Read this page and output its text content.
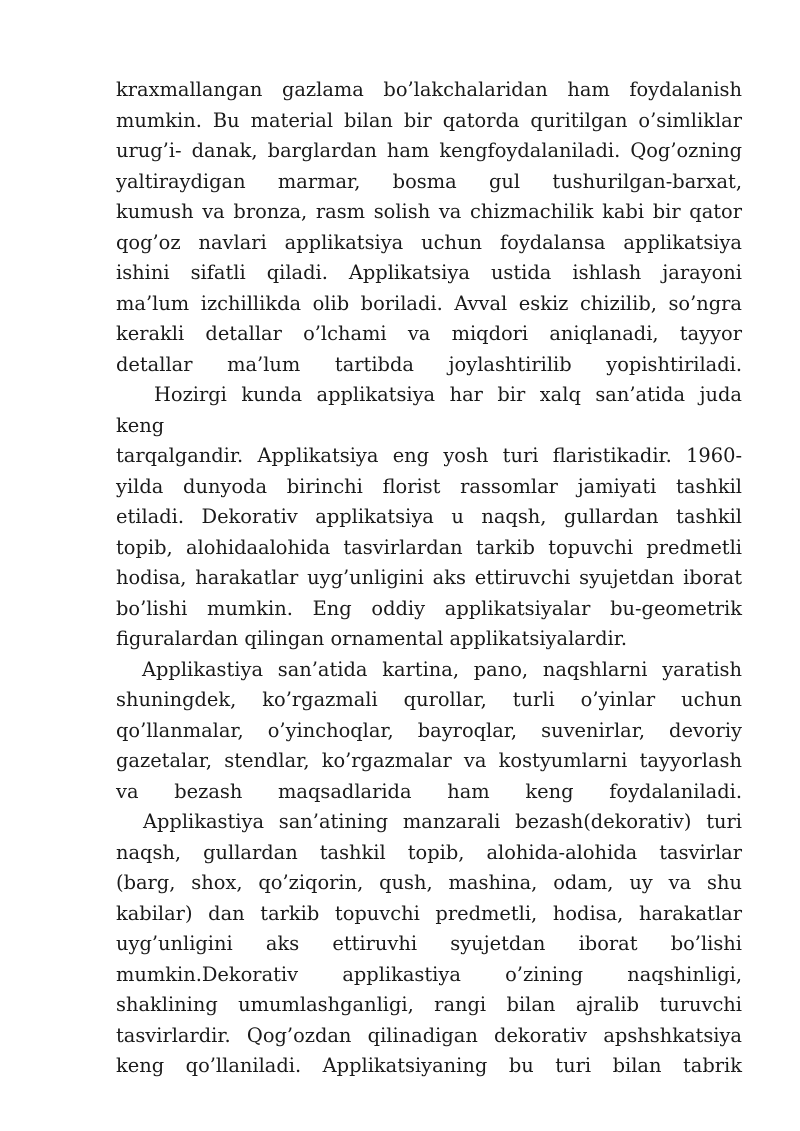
kraxmallangan gazlama bo’lakchalaridan ham foydalanish
mumkin. Bu material bilan bir qatorda quritilgan o’simliklar
urug’i- danak, barglardan ham kengfoydalaniladi. Qog’ozning
yaltiraydigan marmar, bosma gul tushurilgan-barxat,
kumush va bronza, rasm solish va chizmachilik kabi bir qator
qog’oz navlari applikatsiya uchun foydalansa applikatsiya
ishini sifatli qiladi. Applikatsiya ustida ishlash jarayoni
ma’lum izchillikda olib boriladi. Avval eskiz chizilib, so’ngra
kerakli detallar o’lchami va miqdori aniqlanadi, tayyor
detallar ma’lum tartibda joylashtirilib yopishtiriladi.
Hozirgi kunda applikatsiya har bir xalq san’atida juda
keng
tarqalgandir. Applikatsiya eng yosh turi flaristikadir. 1960-
yilda dunyoda birinchi florist rassomlar jamiyati tashkil
etiladi. Dekorativ applikatsiya u naqsh, gullardan tashkil
topib, alohidaalohida tasvirlardan tarkib topuvchi predmetli
hodisa, harakatlar uyg’unligini aks ettiruvchi syujetdan iborat
bo’lishi mumkin. Eng oddiy applikatsiyalar bu-geometrik
figuralardan qilingan ornamental applikatsiyalardir.
Applikastiya san’atida kartina, pano, naqshlarni yaratish
shuningdek, ko’rgazmali qurollar, turli o’yinlar uchun
qo’llanmalar, o’yinchoqlar, bayroqlar, suvenirlar, devoriy
gazetalar, stendlar, ko’rgazmalar va kostyumlarni tayyorlash
va bezash maqsadlarida ham keng foydalaniladi.
Applikastiya san’atining manzarali bezash(dekorativ) turi
naqsh, gullardan tashkil topib, alohida-alohida tasvirlar
(barg, shox, qo’ziqorin, qush, mashina, odam, uy va shu
kabilar) dan tarkib topuvchi predmetli, hodisa, harakatlar
uyg’unligini aks ettiruvhi syujetdan iborat bo’lishi
mumkin.Dekorativ applikastiya o’zining naqshinligi,
shaklining umumlashganligi, rangi bilan ajralib turuvchi
tasvirlardir. Qog’ozdan qilinadigan dekorativ apshshkatsiya
keng qo’llaniladi. Applikatsiyaning bu turi bilan tabrik
